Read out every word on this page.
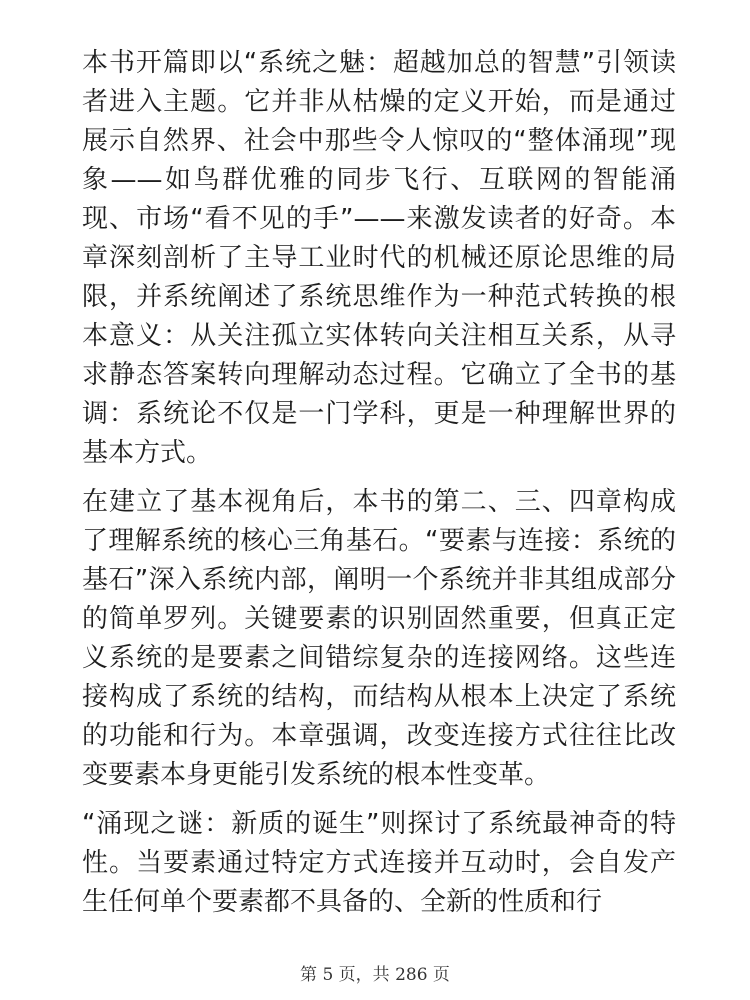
本书开篇即以“系统之魅：超越加总的智慧”引领读者进入主题。它并非从枯燥的定义开始，而是通过展示自然界、社会中那些令人惊叹的“整体涌现”现象——如鸟群优雅的同步飞行、互联网的智能涌现、市场“看不见的手”——来激发读者的好奇。本章深刻剖析了主导工业时代的机械还原论思维的局限，并系统阐述了系统思维作为一种范式转换的根本意义：从关注孤立实体转向关注相互关系，从寻求静态答案转向理解动态过程。它确立了全书的基调：系统论不仅是一门学科，更是一种理解世界的基本方式。

在建立了基本视角后，本书的第二、三、四章构成了理解系统的核心三角基石。“要素与连接：系统的基石”深入系统内部，阐明一个系统并非其组成部分的简单罗列。关键要素的识别固然重要，但真正定义系统的是要素之间错综复杂的连接网络。这些连接构成了系统的结构，而结构从根本上决定了系统的功能和行为。本章强调，改变连接方式往往比改变要素本身更能引发系统的根本性变革。

“涌现之谜：新质的诞生”则探讨了系统最神奇的特性。当要素通过特定方式连接并互动时，会自发产生任何单个要素都不具备的、全新的性质和行

第 5 页，共 286 页
